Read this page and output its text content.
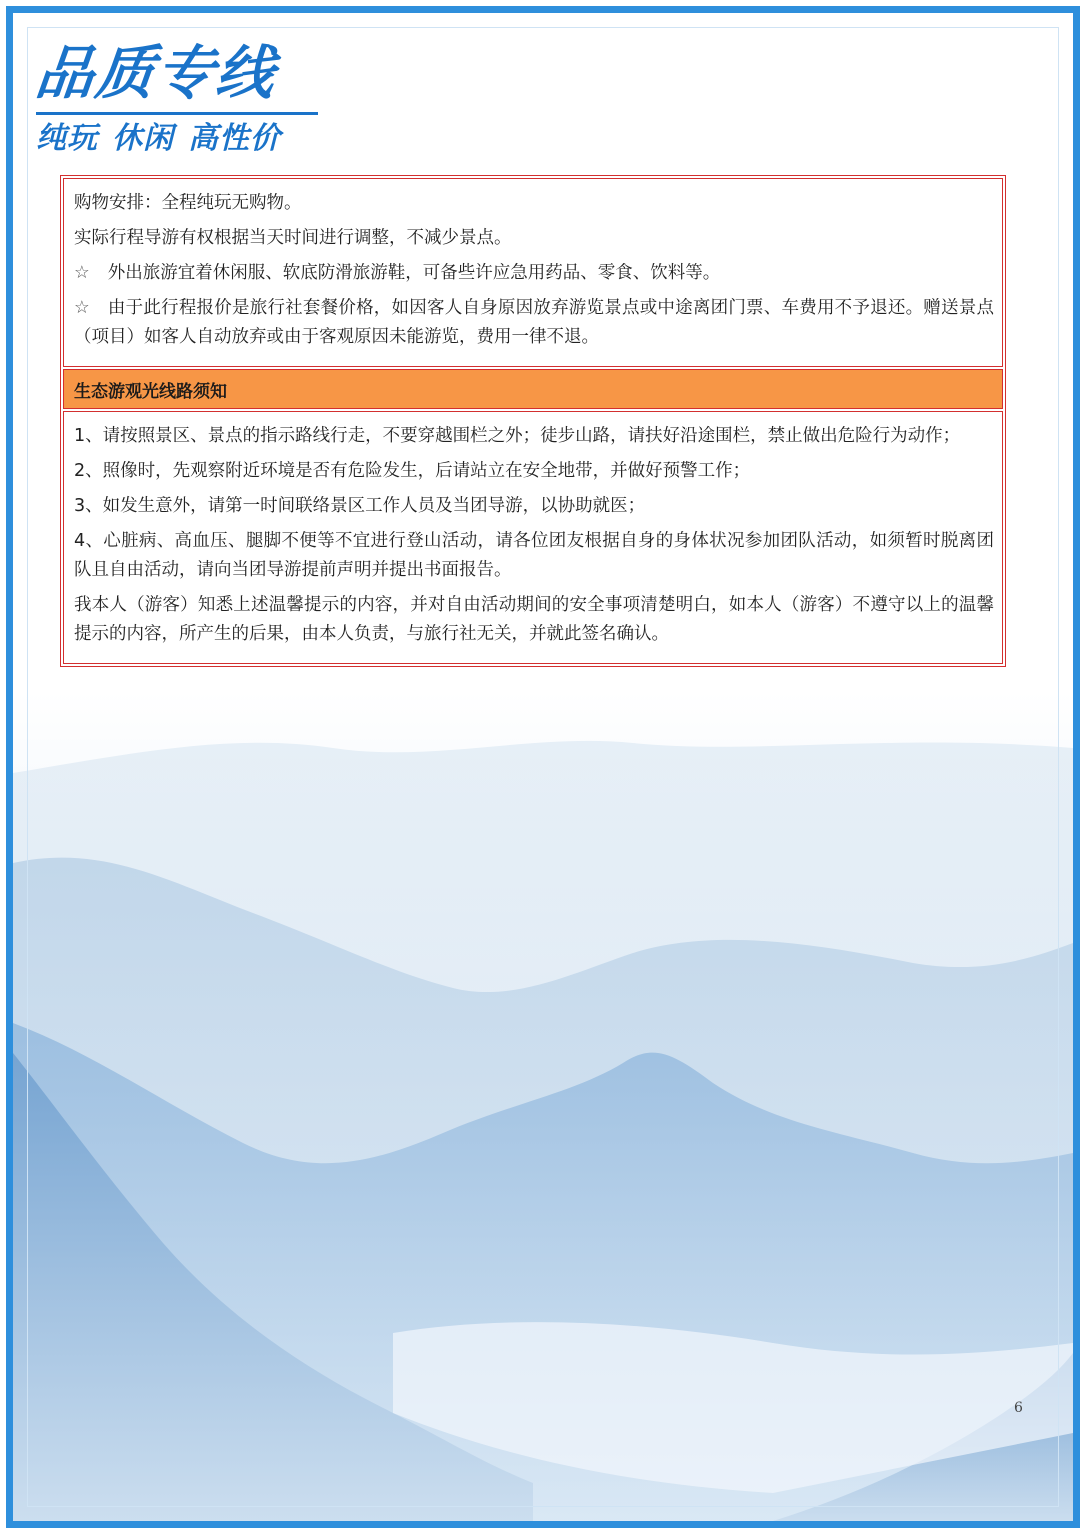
品质专线
纯玩 休闲 高性价
购物安排：全程纯玩无购物。
实际行程导游有权根据当天时间进行调整，不减少景点。
☆ 外出旅游宜着休闲服、软底防滑旅游鞋，可备些许应急用药品、零食、饮料等。
☆ 由于此行程报价是旅行社套餐价格，如因客人自身原因放弃游览景点或中途离团门票、车费用不予退还。赠送景点（项目）如客人自动放弃或由于客观原因未能游览，费用一律不退。
生态游观光线路须知
1、请按照景区、景点的指示路线行走，不要穿越围栏之外；徒步山路，请扶好沿途围栏，禁止做出危险行为动作；
2、照像时，先观察附近环境是否有危险发生，后请站立在安全地带，并做好预警工作；
3、如发生意外，请第一时间联络景区工作人员及当团导游，以协助就医；
4、心脏病、高血压、腿脚不便等不宜进行登山活动，请各位团友根据自身的身体状况参加团队活动，如须暂时脱离团队且自由活动，请向当团导游提前声明并提出书面报告。
我本人（游客）知悉上述温馨提示的内容，并对自由活动期间的安全事项清楚明白，如本人（游客）不遵守以上的温馨提示的内容，所产生的后果，由本人负责，与旅行社无关，并就此签名确认。
6
